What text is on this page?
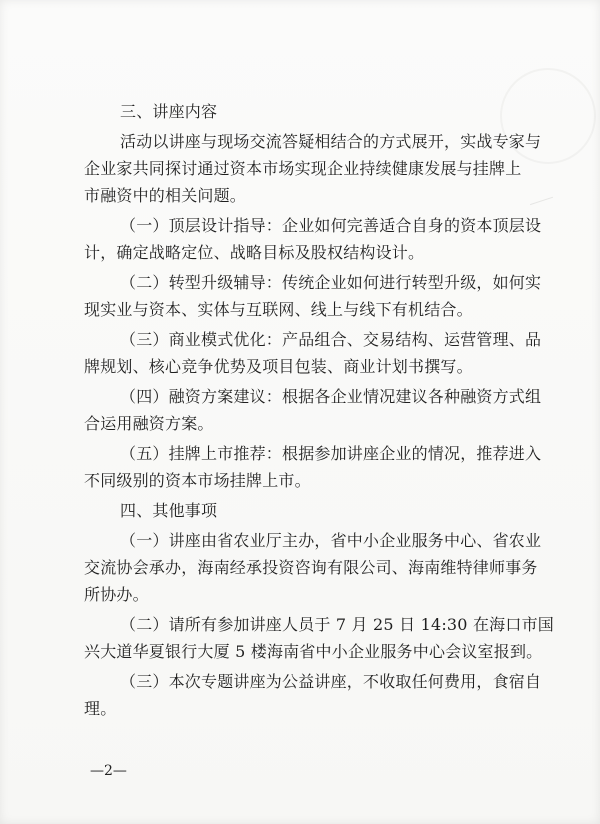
三、讲座内容

活动以讲座与现场交流答疑相结合的方式展开，实战专家与

企业家共同探讨通过资本市场实现企业持续健康发展与挂牌上

市融资中的相关问题。

（一）顶层设计指导：企业如何完善适合自身的资本顶层设

计，确定战略定位、战略目标及股权结构设计。

（二）转型升级辅导：传统企业如何进行转型升级，如何实

现实业与资本、实体与互联网、线上与线下有机结合。

（三）商业模式优化：产品组合、交易结构、运营管理、品

牌规划、核心竞争优势及项目包装、商业计划书撰写。

（四）融资方案建议：根据各企业情况建议各种融资方式组

合运用融资方案。

（五）挂牌上市推荐：根据参加讲座企业的情况，推荐进入

不同级别的资本市场挂牌上市。

四、其他事项

（一）讲座由省农业厅主办，省中小企业服务中心、省农业

交流协会承办，海南经承投资咨询有限公司、海南维特律师事务

所协办。

（二）请所有参加讲座人员于 7 月 25 日 14:30 在海口市国

兴大道华夏银行大厦 5 楼海南省中小企业服务中心会议室报到。

（三）本次专题讲座为公益讲座，不收取任何费用，食宿自

理。

—2—
